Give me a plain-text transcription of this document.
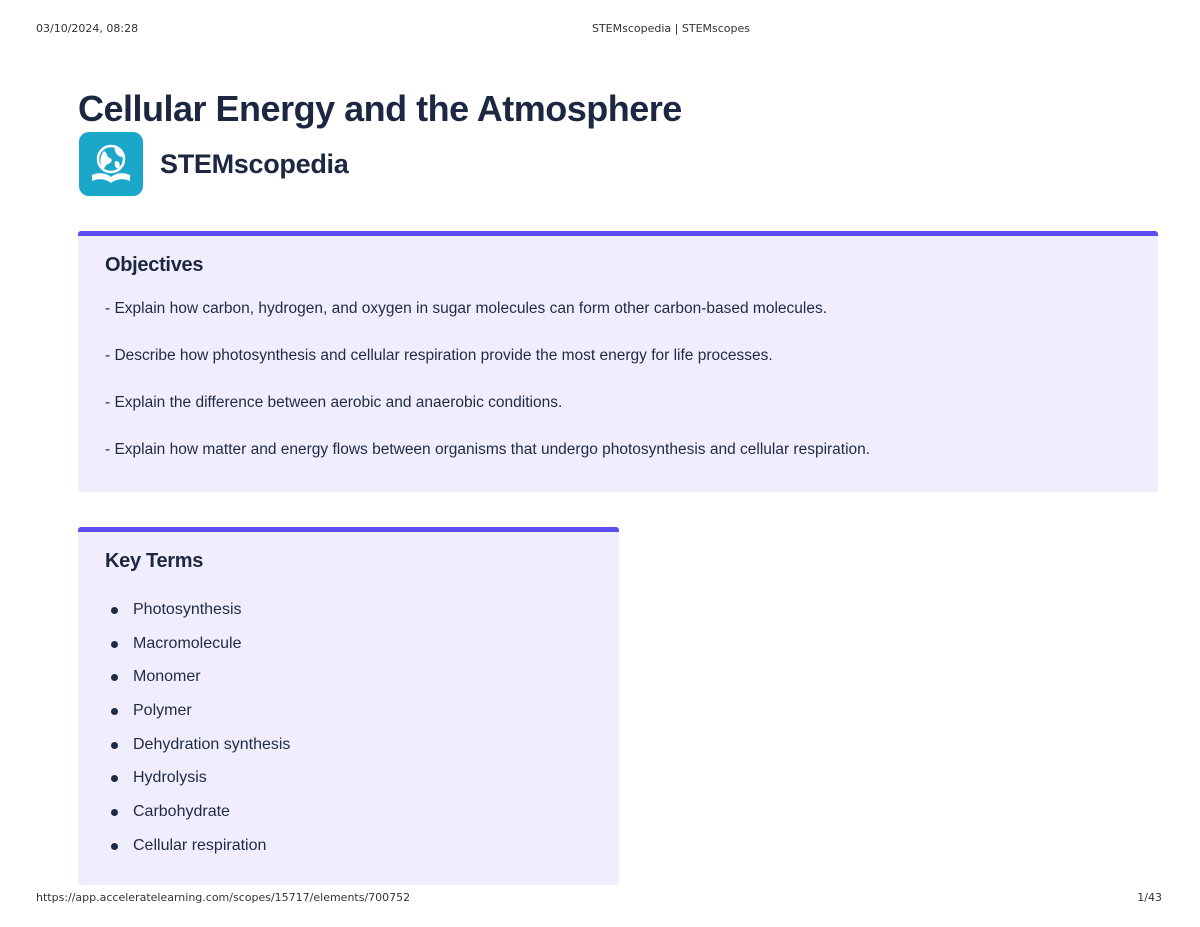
03/10/2024, 08:28	STEMscopedia | STEMscopes
Cellular Energy and the Atmosphere
STEMscopedia
Objectives

- Explain how carbon, hydrogen, and oxygen in sugar molecules can form other carbon-based molecules.

- Describe how photosynthesis and cellular respiration provide the most energy for life processes.

- Explain the difference between aerobic and anaerobic conditions.

- Explain how matter and energy flows between organisms that undergo photosynthesis and cellular respiration.

Key Terms
Photosynthesis
Macromolecule
Monomer
Polymer
Dehydration synthesis
Hydrolysis
Carbohydrate
Cellular respiration
https://app.acceleratelearning.com/scopes/15717/elements/700752	1/43
